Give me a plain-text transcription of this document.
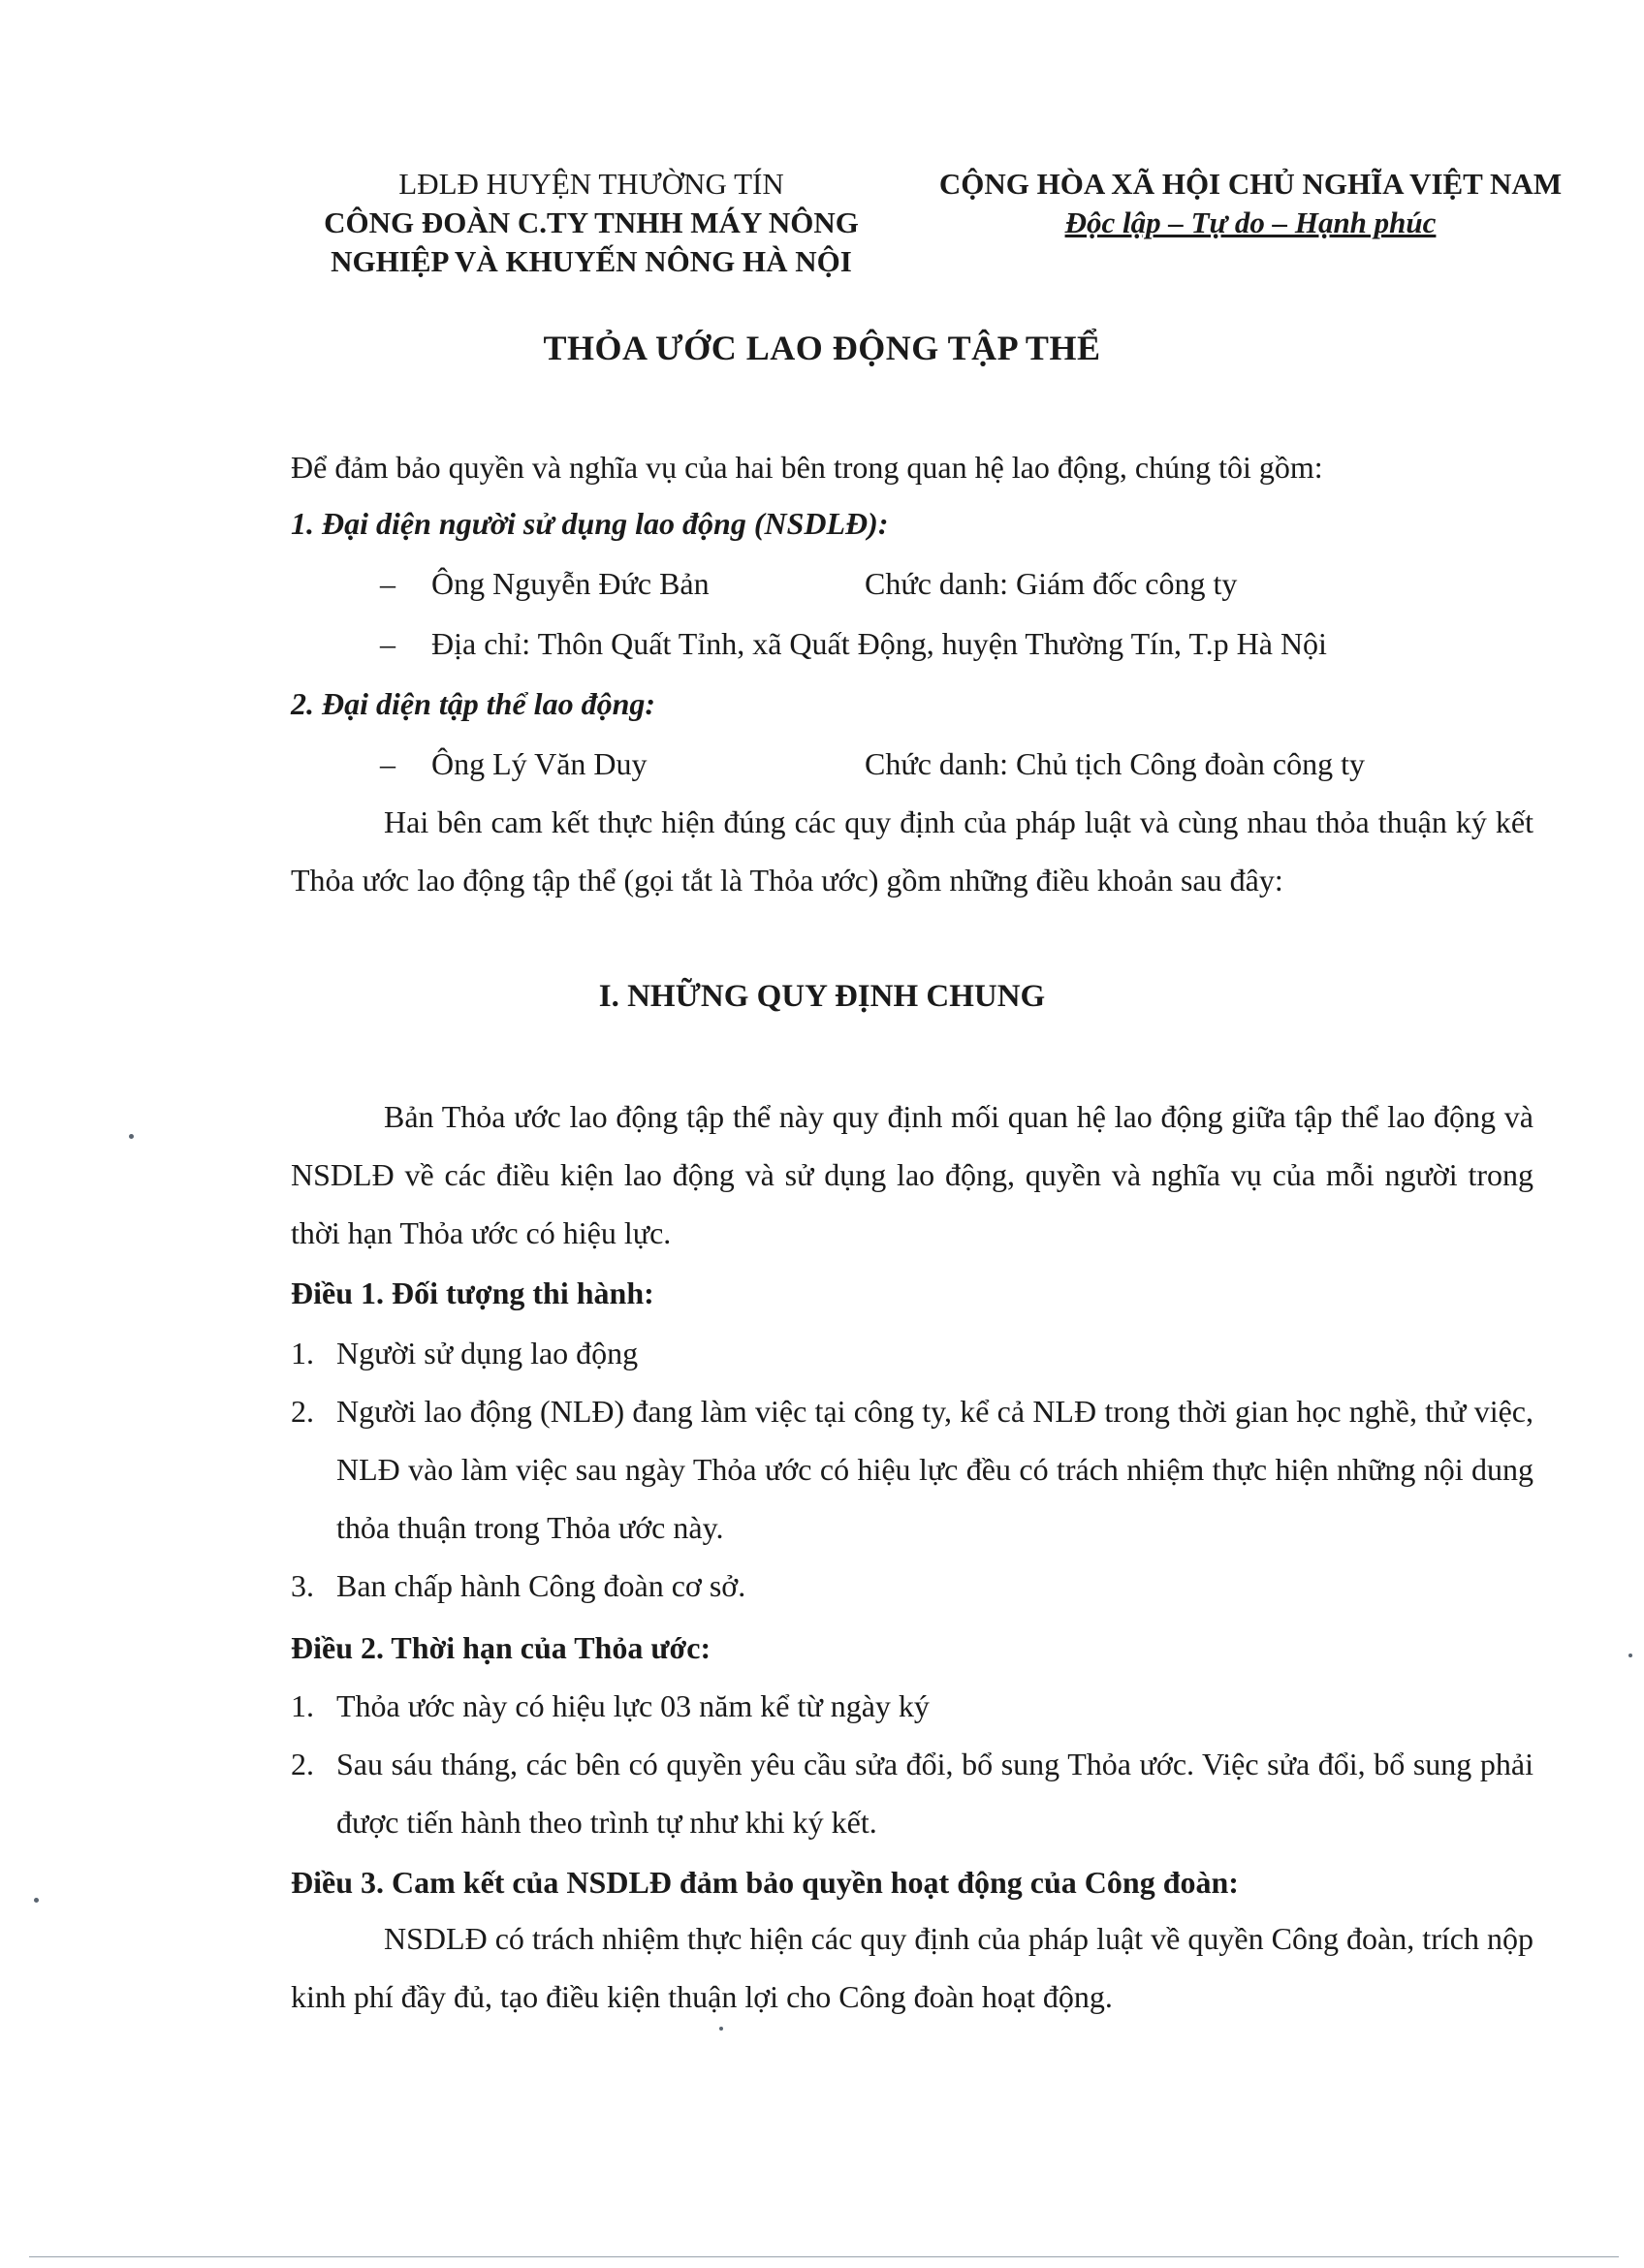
LĐLĐ HUYỆN THƯỜNG TÍN
CÔNG ĐOÀN C.TY TNHH MÁY NÔNG
NGHIỆP VÀ KHUYẾN NÔNG HÀ NỘI
CỘNG HÒA XÃ HỘI CHỦ NGHĨA VIỆT NAM
Độc lập – Tự do – Hạnh phúc
THỎA ƯỚC LAO ĐỘNG TẬP THỂ
Để đảm bảo quyền và nghĩa vụ của hai bên trong quan hệ lao động, chúng tôi gồm:
1. Đại diện người sử dụng lao động (NSDLĐ):
– Ông Nguyễn Đức Bản	Chức danh: Giám đốc công ty
– Địa chỉ: Thôn Quất Tỉnh, xã Quất Động, huyện Thường Tín, T.p Hà Nội
2. Đại diện tập thể lao động:
– Ông Lý Văn Duy	Chức danh: Chủ tịch Công đoàn công ty
Hai bên cam kết thực hiện đúng các quy định của pháp luật và cùng nhau thỏa thuận ký kết Thỏa ước lao động tập thể (gọi tắt là Thỏa ước) gồm những điều khoản sau đây:
I. NHỮNG QUY ĐỊNH CHUNG
Bản Thỏa ước lao động tập thể này quy định mối quan hệ lao động giữa tập thể lao động và NSDLĐ về các điều kiện lao động và sử dụng lao động, quyền và nghĩa vụ của mỗi người trong thời hạn Thỏa ước có hiệu lực.
Điều 1. Đối tượng thi hành:
1. Người sử dụng lao động
2. Người lao động (NLĐ) đang làm việc tại công ty, kể cả NLĐ trong thời gian học nghề, thử việc, NLĐ vào làm việc sau ngày Thỏa ước có hiệu lực đều có trách nhiệm thực hiện những nội dung thỏa thuận trong Thỏa ước này.
3. Ban chấp hành Công đoàn cơ sở.
Điều 2. Thời hạn của Thỏa ước:
1. Thỏa ước này có hiệu lực 03 năm kể từ ngày ký
2. Sau sáu tháng, các bên có quyền yêu cầu sửa đổi, bổ sung Thỏa ước. Việc sửa đổi, bổ sung phải được tiến hành theo trình tự như khi ký kết.
Điều 3. Cam kết của NSDLĐ đảm bảo quyền hoạt động của Công đoàn:
NSDLĐ có trách nhiệm thực hiện các quy định của pháp luật về quyền Công đoàn, trích nộp kinh phí đầy đủ, tạo điều kiện thuận lợi cho Công đoàn hoạt động.
